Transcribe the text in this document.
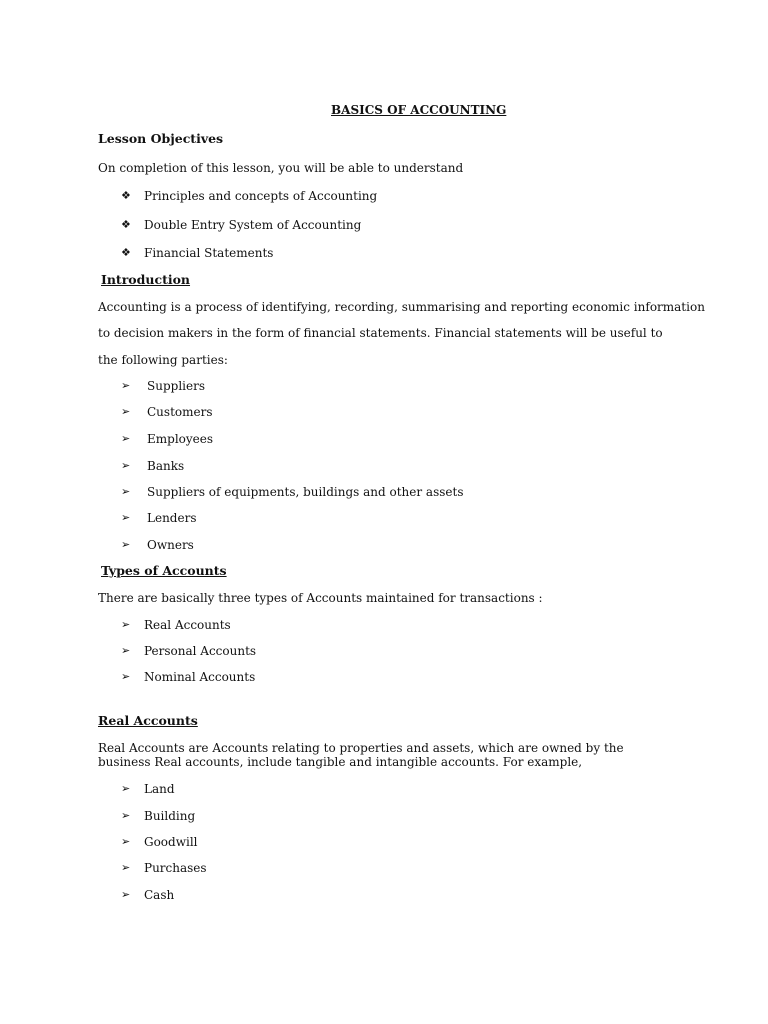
BASICS OF ACCOUNTING
Lesson Objectives
On completion of this lesson, you will be able to understand
❖ Principles and concepts of Accounting
❖ Double Entry System of Accounting
❖ Financial Statements
Introduction
Accounting is a process of identifying, recording, summarising and reporting economic information
to decision makers in the form of financial statements. Financial statements will be useful to
the following parties:
➢ Suppliers
➢ Customers
➢ Employees
➢ Banks
➢ Suppliers of equipments, buildings and other assets
➢ Lenders
➢ Owners
Types of Accounts
There are basically three types of Accounts maintained for transactions :
➢ Real Accounts
➢ Personal Accounts
➢ Nominal Accounts
Real Accounts
Real Accounts are Accounts relating to properties and assets, which are owned by the business Real accounts, include tangible and intangible accounts. For example,
➢ Land
➢ Building
➢ Goodwill
➢ Purchases
➢ Cash
